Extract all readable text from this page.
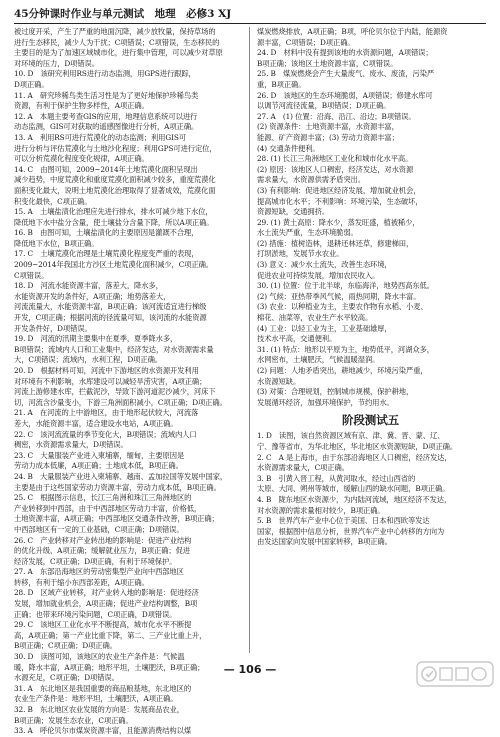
45分钟课时作业与单元测试　地理　必修3 XJ

被过度开采，产生了严重的地面沉降，减少放牧量，保持草场的

进行生态移民，减少人为干扰；C项错误；C项错误，生态移民的

主要目的是为了加速区域城市化，进行集中管理，可以减少对草原

对环境的压力，D项错误。

10. D　该研究利用RS进行动态监测，用GPS进行跟踪，

D项正确。

11. A　研究珍稀鸟类生活习性是为了更好地保护珍稀鸟类

资源，有利于保护生物多样性，A项正确。

12. A　本题主要考查GIS的应用，地理信息系统可以进行

动态监测，GIS可对获取的遥感图像进行分析，A项正确。

13. A　利用RS可进行荒漠化的动态监测；利用GIS可

进行分析与评估荒漠化与土地沙化程度；利用GPS可进行定位，

可以分析荒漠化程度变化规律，A项正确。

14. C　由图可知，2009~2014年土地荒漠化面积呈现出

减少趋势，中度荒漠化和重度荒漠化面积减少较多，重度荒漠化

面积变化最大，说明土地荒漠化治理取得了显著成效，荒漠化面

积变化最快，C项正确。

15. A　土壤盐渍化治理应先进行排水，排水可减少地下水位，

降低地下水中盐分含量，使土壤盐分含量下降，所以A项正确。

16. B　由图可知，土壤盐渍化的主要原因是灌溉不合理，

降低地下水位，B项正确。

17. C　土壤荒漠化治理是土壤荒漠化程度变严重的表现，

2009~2014年我国北方沙区土地荒漠化面积减少，C项正确。

C项错误。

18. D　河流水能资源丰富，落差大，降水多，

水能资源开发的条件好，A项正确；地势落差大，

河流流量大，水能资源丰富，B项正确；该河流适宜进行梯级

开发，C项正确；根据河流的径流量可知，该河流的水能资源

开发条件好，D项错误。

19. D　河流的汛期主要集中在夏季，夏季降水多，

B项错误；流域内人口和工业集中，经济发达，对水资源需求量

大，C项错误；流域内，水利工程，D项正确。

20. D　根据材料可知，河流中下游地区的水资源开发利用

对环境有不利影响，水库建设可以减轻旱涝灾害，A项正确；

河流上游修建水库，拦截泥沙，导致下游河道泥沙减少，河床下

切，河流含沙量变小，下游三角洲面积减小，C项正确；D项正确。

21. A　在河流的上中游地区，由于地形起伏较大，河流落

差大，水能资源丰富，适合建设水电站，A项正确。

22. C　该河流流量的季节变化大，B项错误；流域内人口

稠密，水资源需求量大，D项错误。

23. C　大量服装产业进入柬埔寨，缅甸，主要原因是

劳动力成本低廉，A项正确；土地成本低，B项正确。

24. B　大量服装产业进入柬埔寨、越南、孟加拉国等发展中国家，

主要是由于这些国家劳动力资源丰富，劳动力成本低，B项正确。

25. C　根据图示信息，长江三角洲和珠江三角洲地区的

产业转移到中西部，由于中西部地区劳动力丰富，价格低，

土地资源丰富，A项正确；中西部地区交通条件改善，B项正确；

中西部地区有一定的工业基础，C项正确；D项错误。

26. C　产业转移对产业转出地的影响是：促进产业结构

的优化升级，A项正确；缓解就业压力，B项正确；促进

经济发展，C项正确；D项正确，有利于环境保护。

27. A　东部沿海地区的劳动密集型产业向中西部地区

转移，有利于缩小东西部差距，A项正确。

28. D　区域产业转移，对产业转入地的影响是：促进经济

发展，增加就业机会，A项正确；促进产业结构调整，B项

正确；也带来环境污染问题，C项正确，D项错误。

29. C　该地区工业化水平不断提高，城市化水平不断提

高，A项正确；第一产业比重下降，第二、三产业比重上升，

B项正确；C项正确；D项正确。

30. D　读图可知，该地区的农业生产条件是：气候温

暖，降水丰富，A项正确；地形平坦，土壤肥沃，B项正确；

水源充足，C项正确；D项错误。

31. A　东北地区是我国重要的商品粮基地，东北地区的

农业生产条件是：地形平坦，土壤肥沃，A项正确。

32. B　东北地区农业发展的方向是：发展商品农业，

B项正确；发展生态农业，C项正确。

33. A　呼伦贝尔市煤炭资源丰富，且能源消费结构以煤

煤炭燃烧排放，A项正确；B项，呼伦贝尔位于内陆，能源资

源丰富，C项错误；D项正确。

24. D　材料中没有提到该地的水资源问题，A项错误；

B项正确；该地区土地资源丰富，C项错误。

25. B　煤炭燃烧会产生大量废气、废水、废渣，污染严

重，B项正确。

26. D　该地区的生态环境脆弱，A项错误；修建水库可

以调节河流径流量，B项错误；D项正确。

27. A　(1) 位置：沿海、沿江、沿边；B项错误。

(2) 资源条件：土地资源丰富，水资源丰富，

能源、矿产资源丰富；(3) 劳动力资源丰富；

(4) 交通条件便利。

28. (1) 长江三角洲地区工业化和城市化水平高。

(2) 原因：该地区人口稠密，经济发达，对水资源

需求量大，水资源供需矛盾突出。

(3) 有利影响：促进地区经济发展，增加就业机会，

提高城市化水平；不利影响：环境污染，生态破坏，

资源短缺，交通拥挤。

29. (1) 黄土高原：降水少，蒸发旺盛，植被稀少，

水土流失严重，生态环境脆弱。

(2) 措施：植树造林，退耕还林还草，修建梯田，

打坝淤地，发展节水农业。

(3) 意义：减少水土流失，改善生态环境，

促进农业可持续发展，增加农民收入。

30. (1) 位置：位于北半球，东临海洋，地势西高东低。

(2) 气候：亚热带季风气候，雨热同期，降水丰富。

(3) 农业：以种植业为主，主要农作物有水稻、小麦、

棉花、油菜等，农业生产水平较高。

(4) 工业：以轻工业为主，工业基础雄厚，

技术水平高，交通便利。

31. (1) 特点：地形以平原为主，地势低平，河湖众多，

水网密布，土壤肥沃，气候温暖湿润。

(2) 问题：人地矛盾突出，耕地减少，环境污染严重，

水资源短缺。

(3) 对策：合理规划，控制城市规模，保护耕地，

发展循环经济，加强环境保护，节约用水。

阶段测试五

1. D　读图，该自然资源区域有京、津、冀、晋、蒙、辽、

宁、豫等省市，为华北地区，华北地区水资源短缺，D项正确。

2. C　A 是上海市，由于东部沿海地区人口稠密，经济发达，

水资源需求量大，C项正确。

3. B　引黄入晋工程，从黄河取水，经过山西省的

太原、大同、朔州等城市，缓解山西的缺水问题，B项正确。

4. B　陇东地区水资源少，为内陆河流域，地区经济不发达，

对水资源的需求量相对较少，B项正确。

5. B　世界汽车产业中心位于美国、日本和西欧等发达

国家，根据图中信息分析，世界汽车产业中心转移的方向为

由发达国家向发展中国家转移，B项正确。

— 106 —
